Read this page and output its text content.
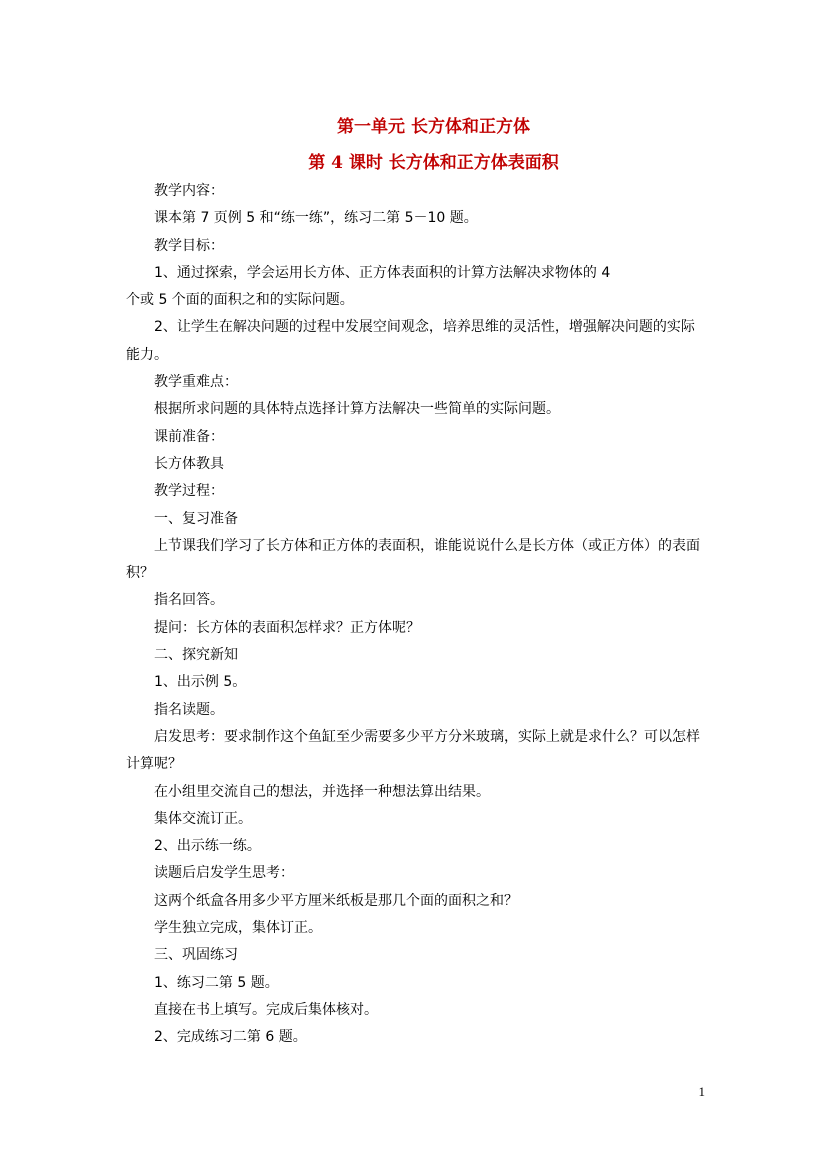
第一单元 长方体和正方体
第 4 课时 长方体和正方体表面积

教学内容：

课本第 7 页例 5 和“练一练”，练习二第 5－10 题。

教学目标：

1、通过探索，学会运用长方体、正方体表面积的计算方法解决求物体的 4

个或 5 个面的面积之和的实际问题。

2、让学生在解决问题的过程中发展空间观念，培养思维的灵活性，增强解决问题的实际能力。

教学重难点：

根据所求问题的具体特点选择计算方法解决一些简单的实际问题。

课前准备：

长方体教具

教学过程：

一、复习准备

上节课我们学习了长方体和正方体的表面积，谁能说说什么是长方体（或正方体）的表面积？

指名回答。

提问：长方体的表面积怎样求？正方体呢？

二、探究新知

1、出示例 5。

指名读题。

启发思考：要求制作这个鱼缸至少需要多少平方分米玻璃，实际上就是求什么？可以怎样计算呢？

在小组里交流自己的想法，并选择一种想法算出结果。

集体交流订正。

2、出示练一练。

读题后启发学生思考：

这两个纸盒各用多少平方厘米纸板是那几个面的面积之和？

学生独立完成，集体订正。

三、巩固练习

1、练习二第 5 题。

直接在书上填写。完成后集体核对。

2、完成练习二第 6 题。

1
